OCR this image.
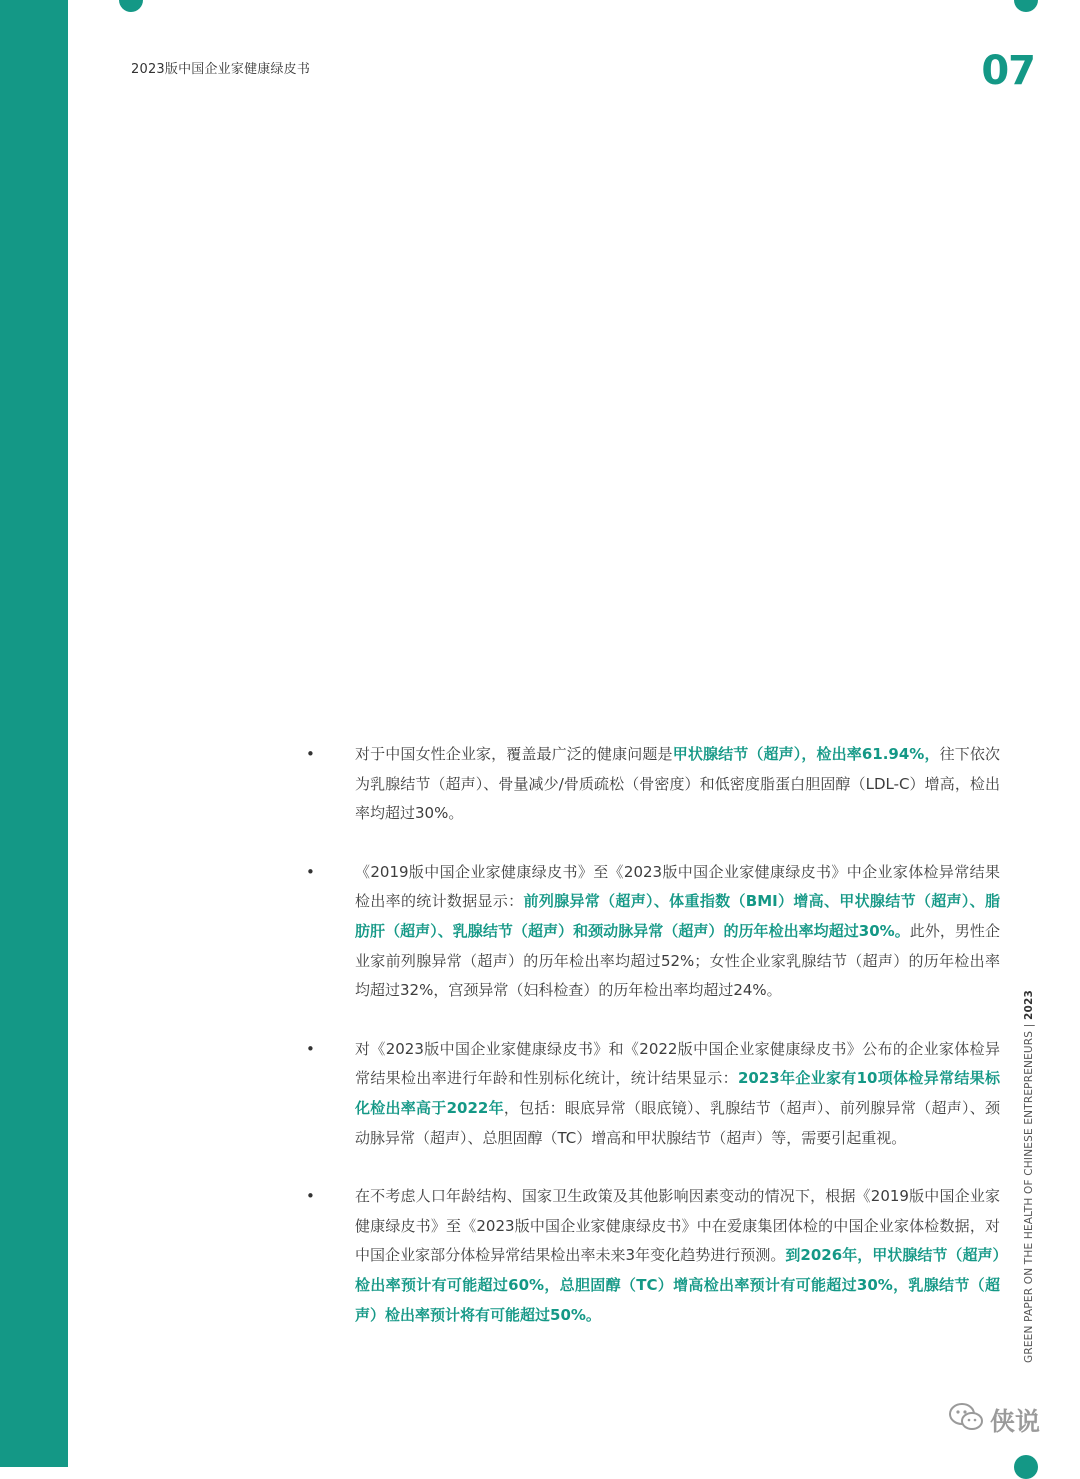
2023版中国企业家健康绿皮书	07
•	对于中国女性企业家，覆盖最广泛的健康问题是甲状腺结节（超声），检出率61.94%，往下依次为乳腺结节（超声）、骨量减少/骨质疏松（骨密度）和低密度脂蛋白胆固醇（LDL-C）增高，检出率均超过30%。
•	《2019版中国企业家健康绿皮书》至《2023版中国企业家健康绿皮书》中企业家体检异常结果检出率的统计数据显示：前列腺异常（超声）、体重指数（BMI）增高、甲状腺结节（超声）、脂肪肝（超声）、乳腺结节（超声）和颈动脉异常（超声）的历年检出率均超过30%。此外，男性企业家前列腺异常（超声）的历年检出率均超过52%；女性企业家乳腺结节（超声）的历年检出率均超过32%，宫颈异常（妇科检查）的历年检出率均超过24%。
•	对《2023版中国企业家健康绿皮书》和《2022版中国企业家健康绿皮书》公布的企业家体检异常结果检出率进行年龄和性别标化统计，统计结果显示：2023年企业家有10项体检异常结果标化检出率高于2022年，包括：眼底异常（眼底镜）、乳腺结节（超声）、前列腺异常（超声）、颈动脉异常（超声）、总胆固醇（TC）增高和甲状腺结节（超声）等，需要引起重视。
•	在不考虑人口年龄结构、国家卫生政策及其他影响因素变动的情况下，根据《2019版中国企业家健康绿皮书》至《2023版中国企业家健康绿皮书》中在爱康集团体检的中国企业家体检数据，对中国企业家部分体检异常结果检出率未来3年变化趋势进行预测。到2026年，甲状腺结节（超声）检出率预计有可能超过60%，总胆固醇（TC）增高检出率预计有可能超过30%，乳腺结节（超声）检出率预计将有可能超过50%。	GREEN PAPER ON THE HEALTH OF CHINESE ENTREPRENEURS | 2023
侠说
